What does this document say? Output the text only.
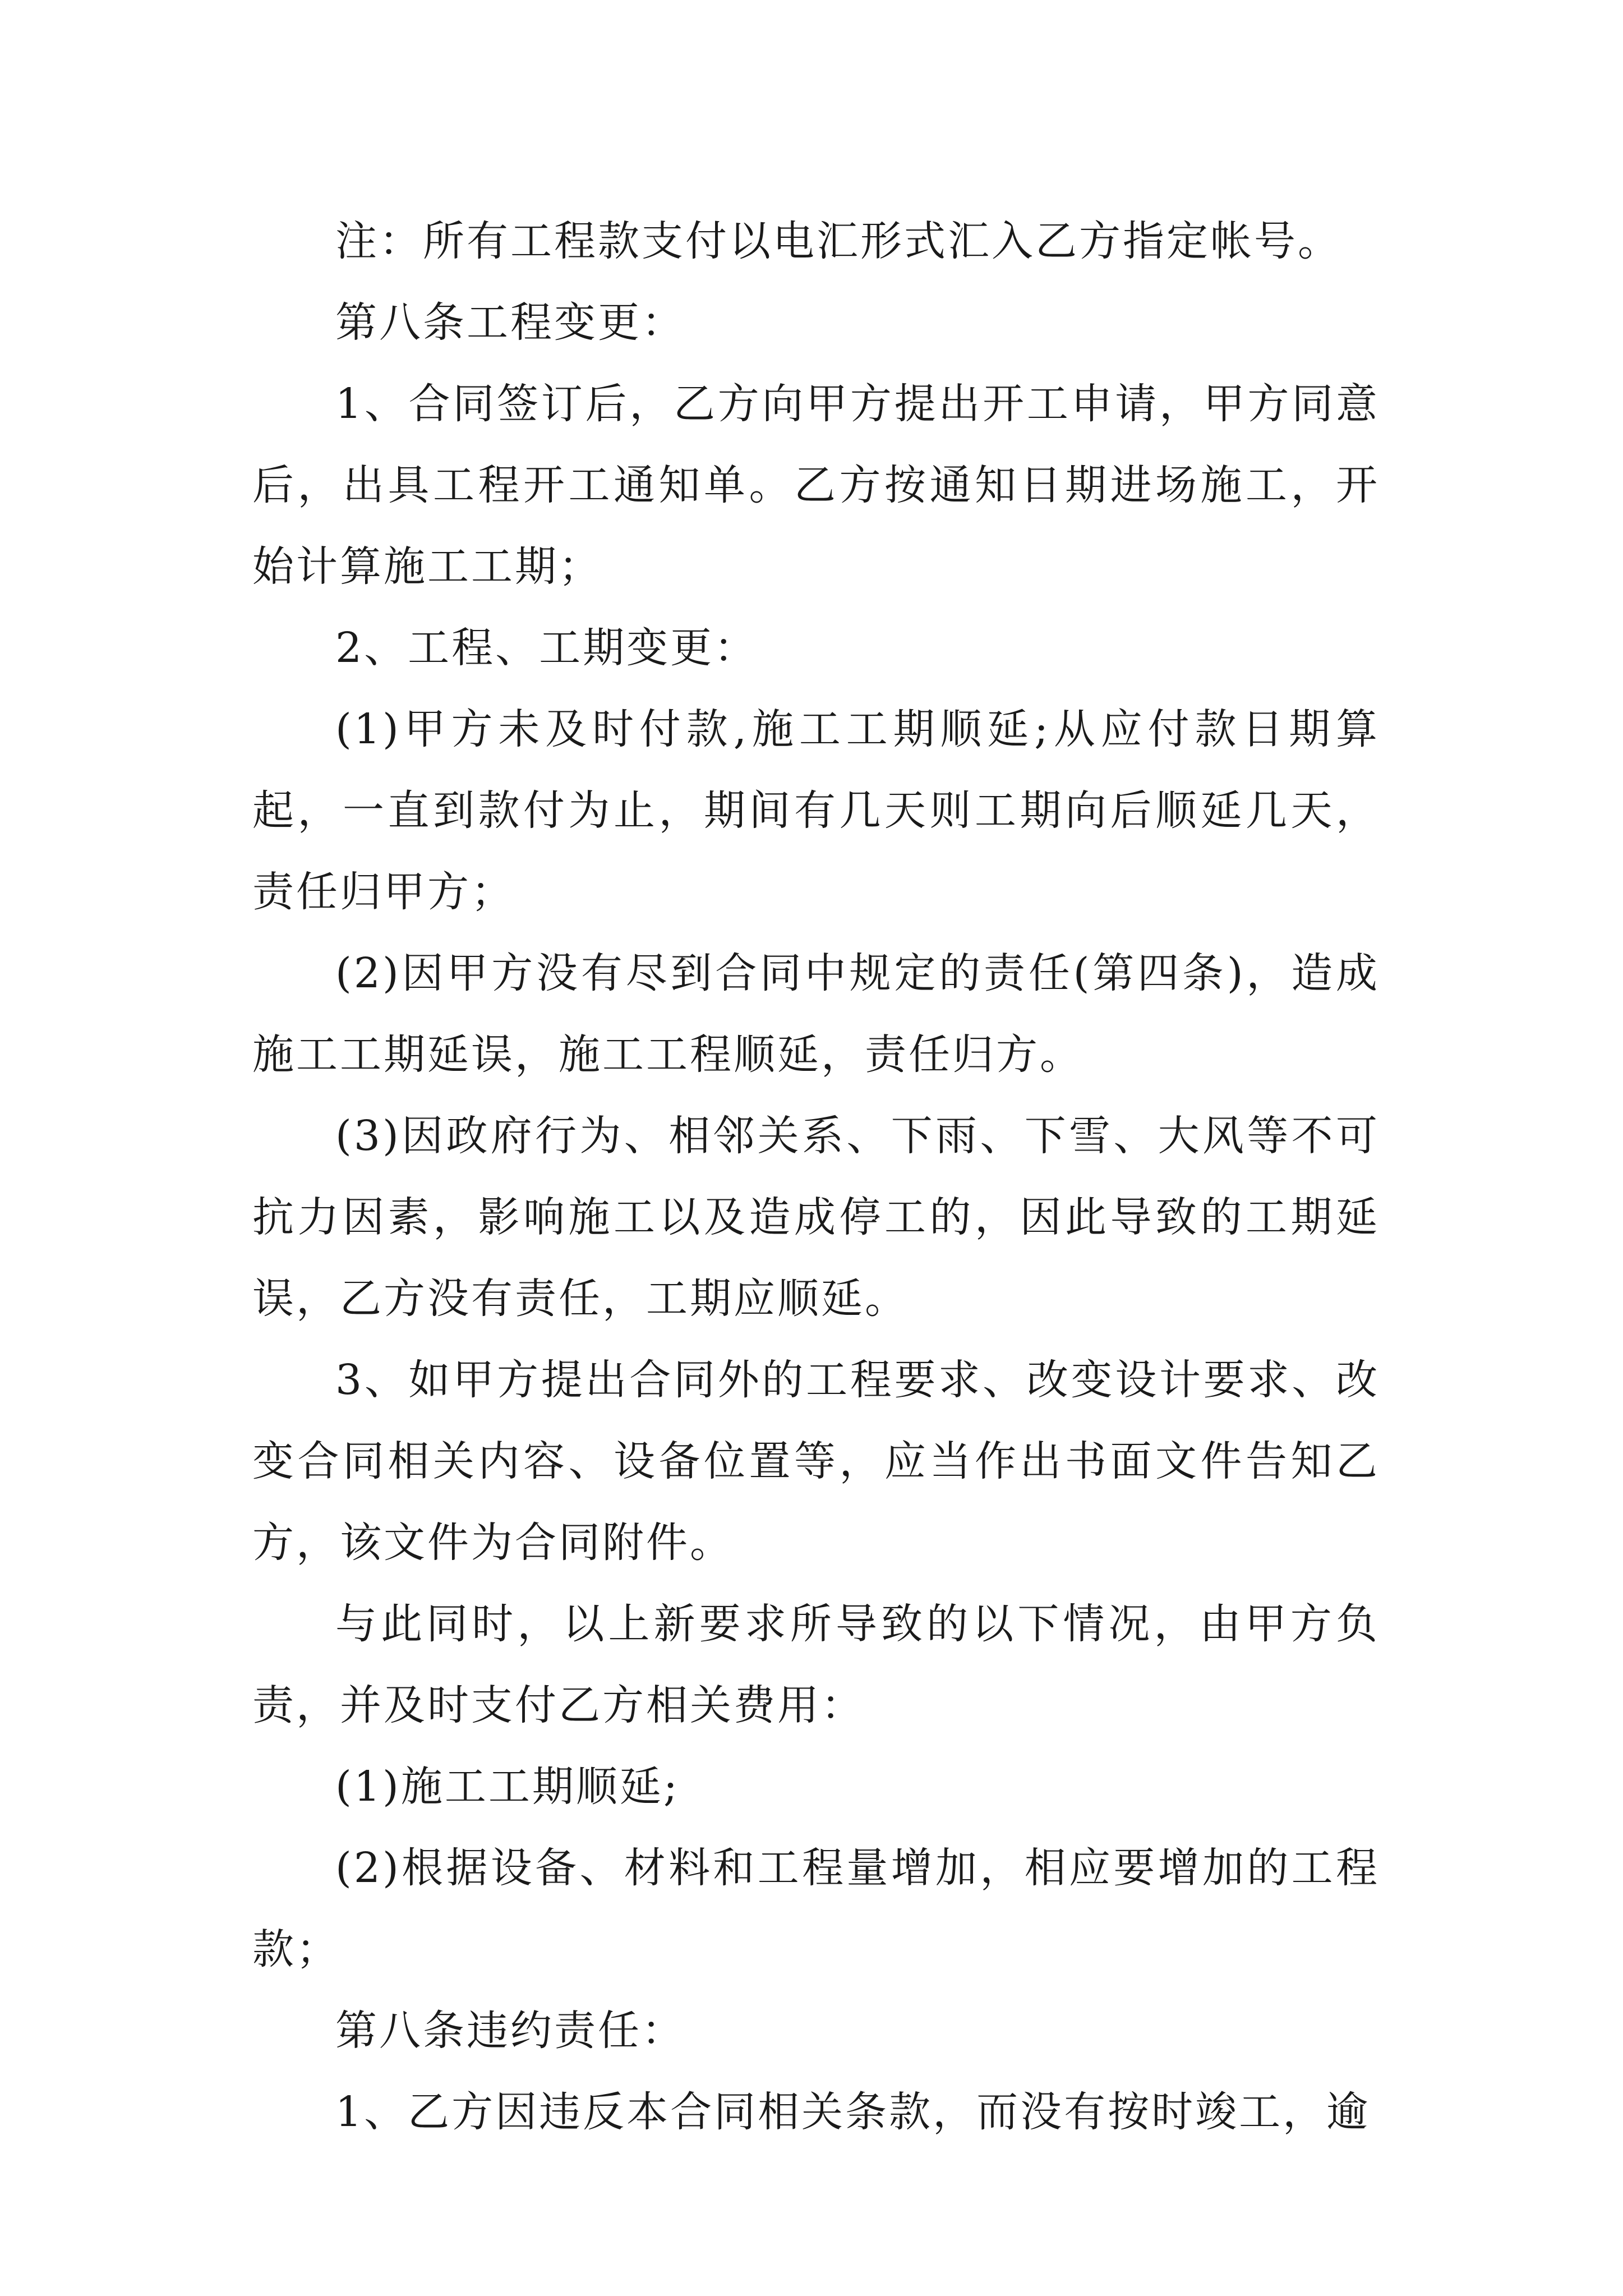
注：所有工程款支付以电汇形式汇入乙方指定帐号。

第八条工程变更：

1、合同签订后，乙方向甲方提出开工申请，甲方同意后，出具工程开工通知单。乙方按通知日期进场施工，开始计算施工工期；

2、工程、工期变更：

(1)甲方未及时付款,施工工期顺延;从应付款日期算起，一直到款付为止，期间有几天则工期向后顺延几天，责任归甲方；

(2)因甲方没有尽到合同中规定的责任(第四条)，造成施工工期延误，施工工程顺延，责任归方。

(3)因政府行为、相邻关系、下雨、下雪、大风等不可抗力因素，影响施工以及造成停工的，因此导致的工期延误，乙方没有责任，工期应顺延。

3、如甲方提出合同外的工程要求、改变设计要求、改变合同相关内容、设备位置等，应当作出书面文件告知乙方，该文件为合同附件。

与此同时，以上新要求所导致的以下情况，由甲方负责，并及时支付乙方相关费用：

(1)施工工期顺延;

(2)根据设备、材料和工程量增加，相应要增加的工程款；

第八条违约责任：

1、乙方因违反本合同相关条款，而没有按时竣工，逾
